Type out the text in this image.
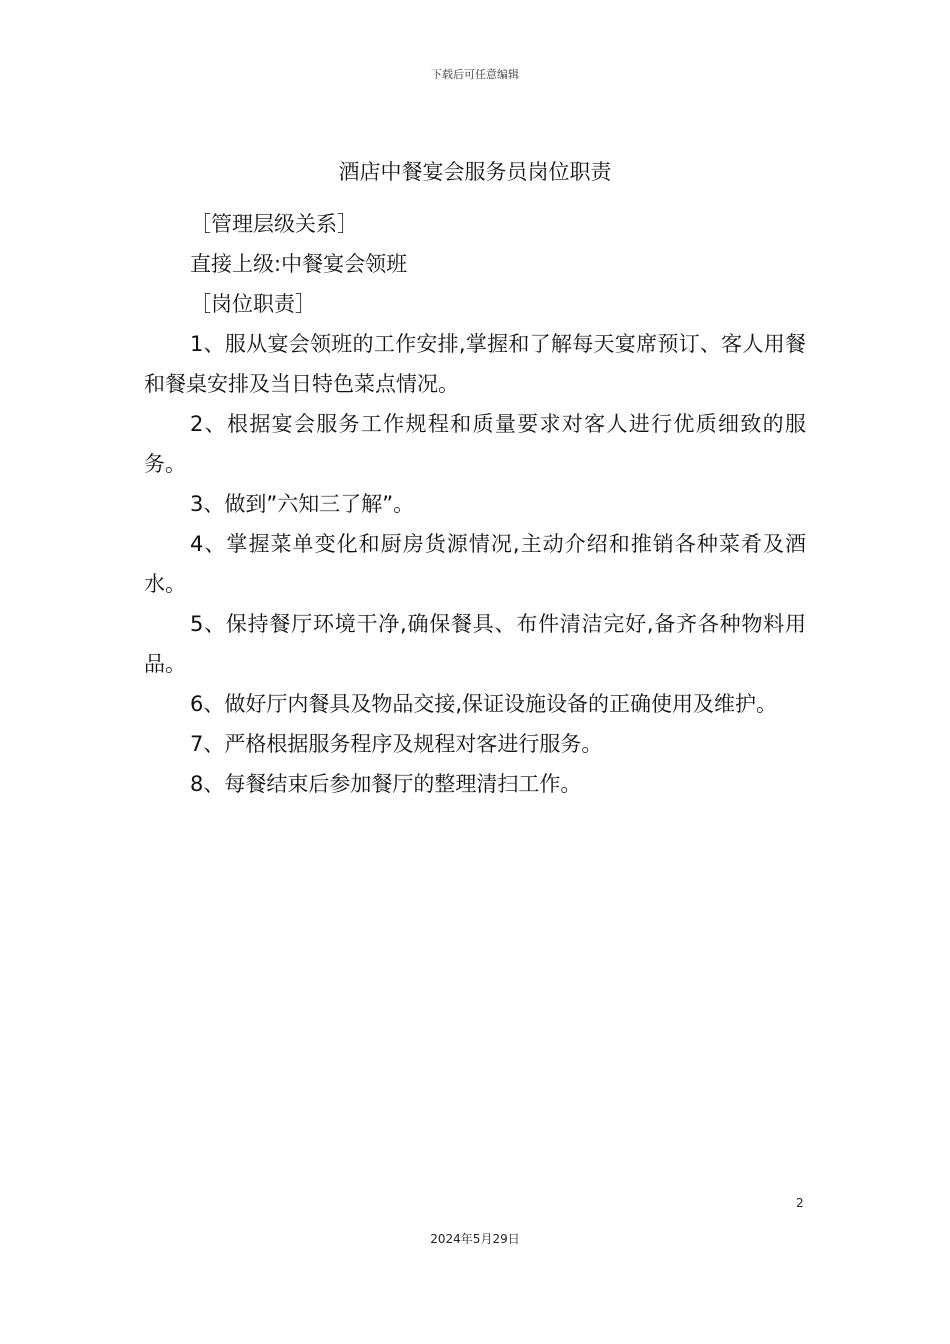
下载后可任意编辑
酒店中餐宴会服务员岗位职责

［管理层级关系］

直接上级:中餐宴会领班

［岗位职责］

1、服从宴会领班的工作安排,掌握和了解每天宴席预订、客人用餐和餐桌安排及当日特色菜点情况。

2、根据宴会服务工作规程和质量要求对客人进行优质细致的服务。

3、做到”六知三了解”。

4、掌握菜单变化和厨房货源情况,主动介绍和推销各种菜肴及酒水。

5、保持餐厅环境干净,确保餐具、布件清洁完好,备齐各种物料用品。

6、做好厅内餐具及物品交接,保证设施设备的正确使用及维护。

7、严格根据服务程序及规程对客进行服务。

8、每餐结束后参加餐厅的整理清扫工作。

2
2024年5月29日
